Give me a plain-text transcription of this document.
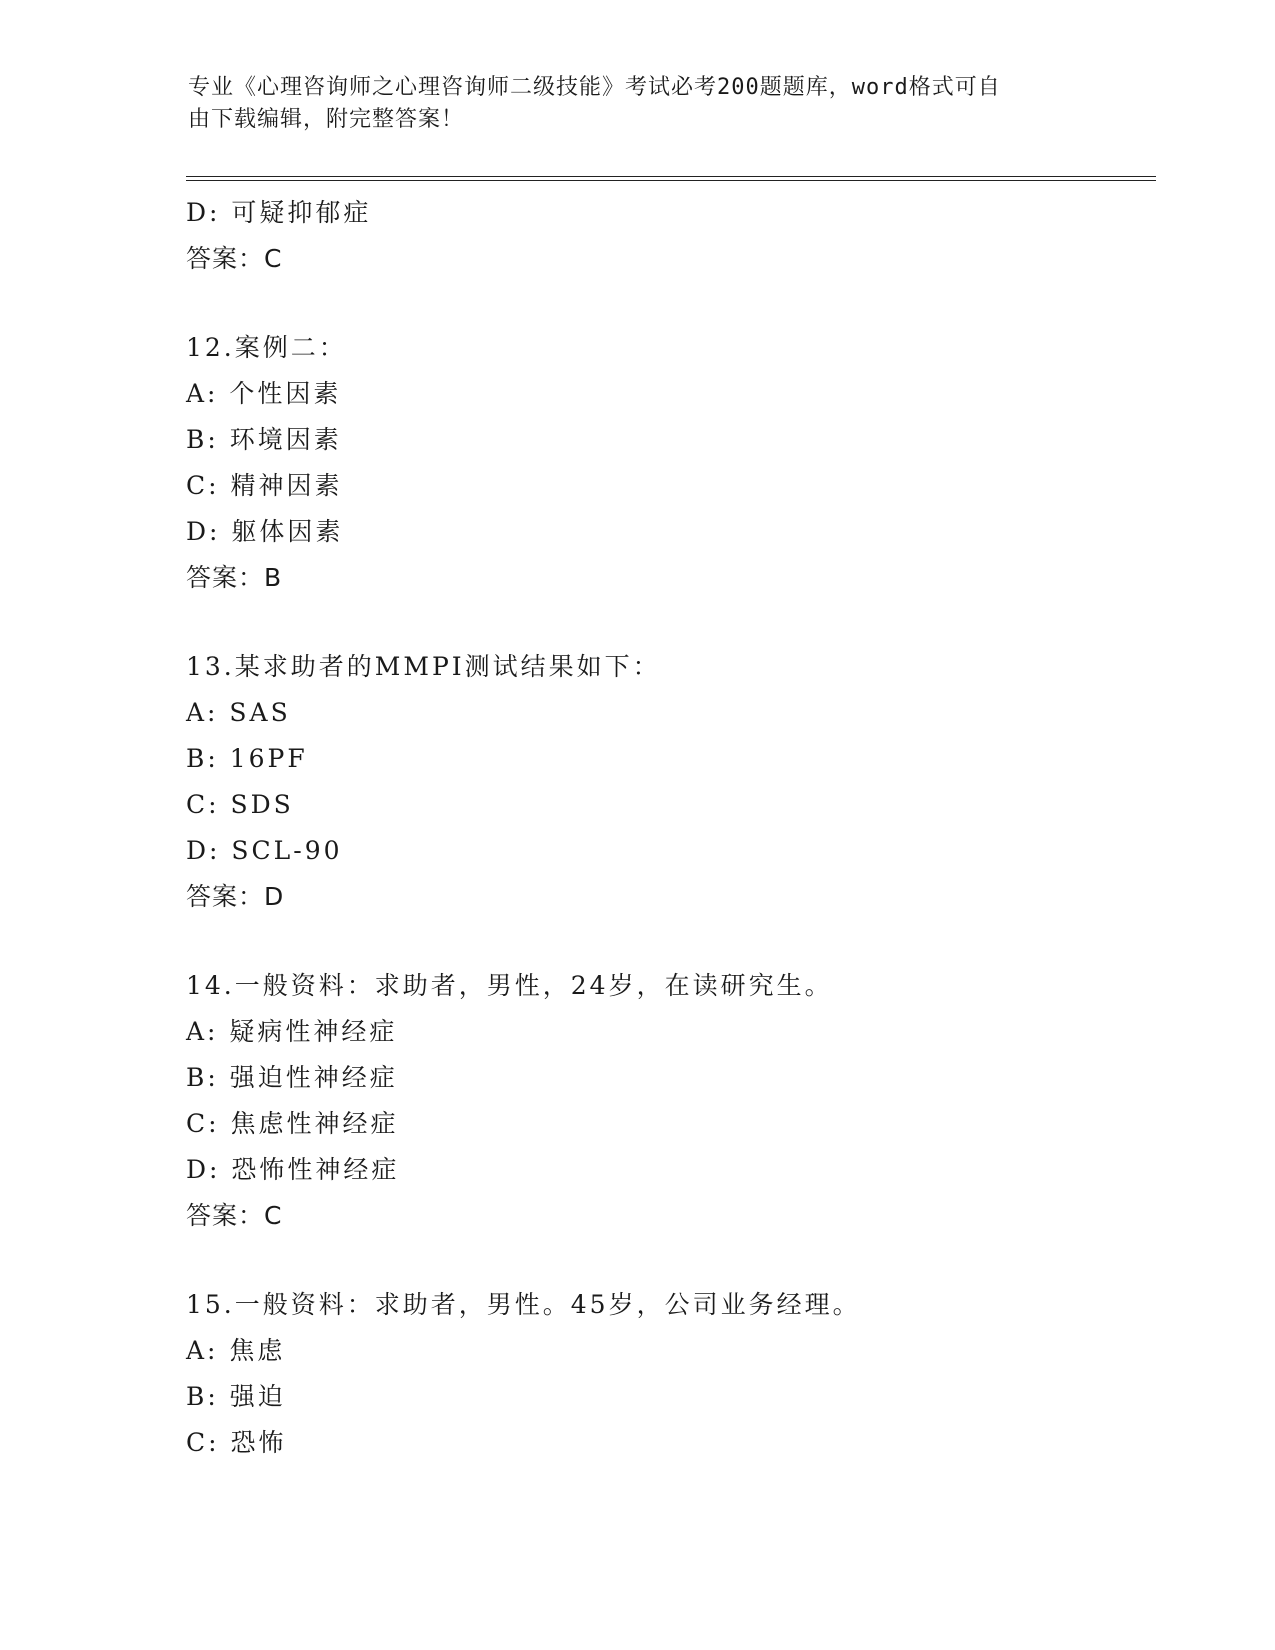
专业《心理咨询师之心理咨询师二级技能》考试必考200题题库，word格式可自
由下载编辑，附完整答案！
D: 可疑抑郁症
答案：C
12.案例二：
A: 个性因素
B: 环境因素
C: 精神因素
D: 躯体因素
答案：B
13.某求助者的MMPI测试结果如下：
A: SAS
B: 16PF
C: SDS
D: SCL-90
答案：D
14.一般资料：求助者，男性，24岁，在读研究生。
A: 疑病性神经症
B: 强迫性神经症
C: 焦虑性神经症
D: 恐怖性神经症
答案：C
15.一般资料：求助者，男性。45岁，公司业务经理。
A: 焦虑
B: 强迫
C: 恐怖
